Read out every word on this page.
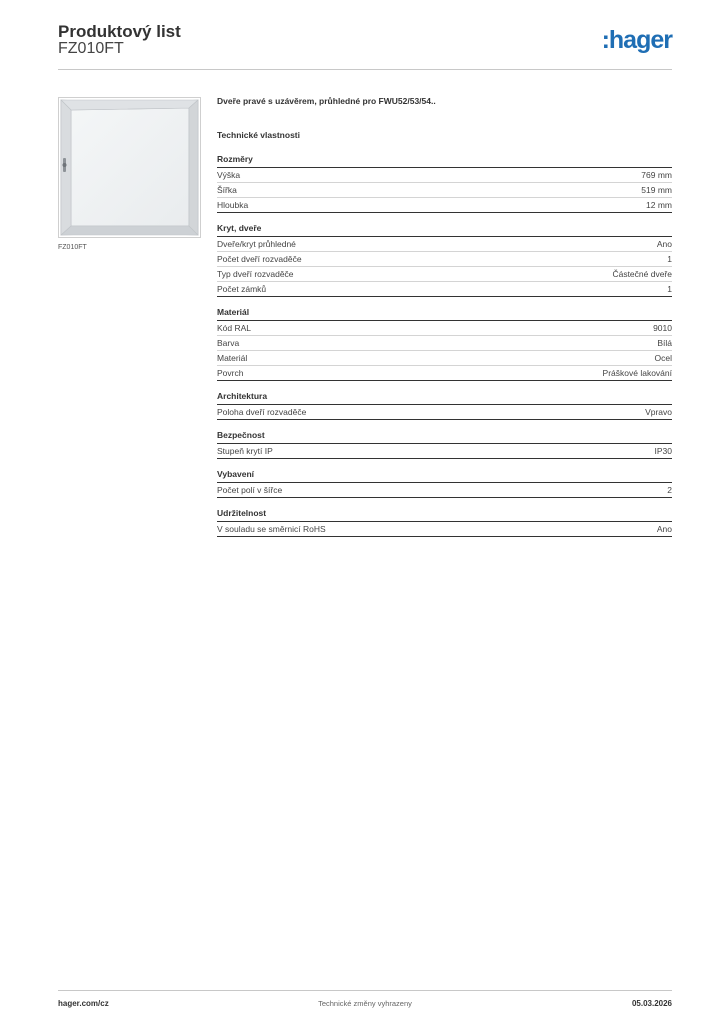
Produktový list
FZ010FT	:hager
FZ010FT
Dveře pravé s uzávěrem, průhledné pro FWU52/53/54..
Technické vlastnosti
Rozměry
Výška	769 mm
Šířka	519 mm
Hloubka	12 mm
Kryt, dveře
Dveře/kryt průhledné	Ano
Počet dveří rozvaděče	1
Typ dveří rozvaděče	Částečné dveře
Počet zámků	1
Materiál
Kód RAL	9010
Barva	Bílá
Materiál	Ocel
Povrch	Práškové lakování
Architektura
Poloha dveří rozvaděče	Vpravo
Bezpečnost
Stupeň krytí IP	IP30
Vybavení
Počet polí v šířce	2
Udržitelnost
V souladu se směrnicí RoHS	Ano
hager.com/cz	Technické změny vyhrazeny	05.03.2026
